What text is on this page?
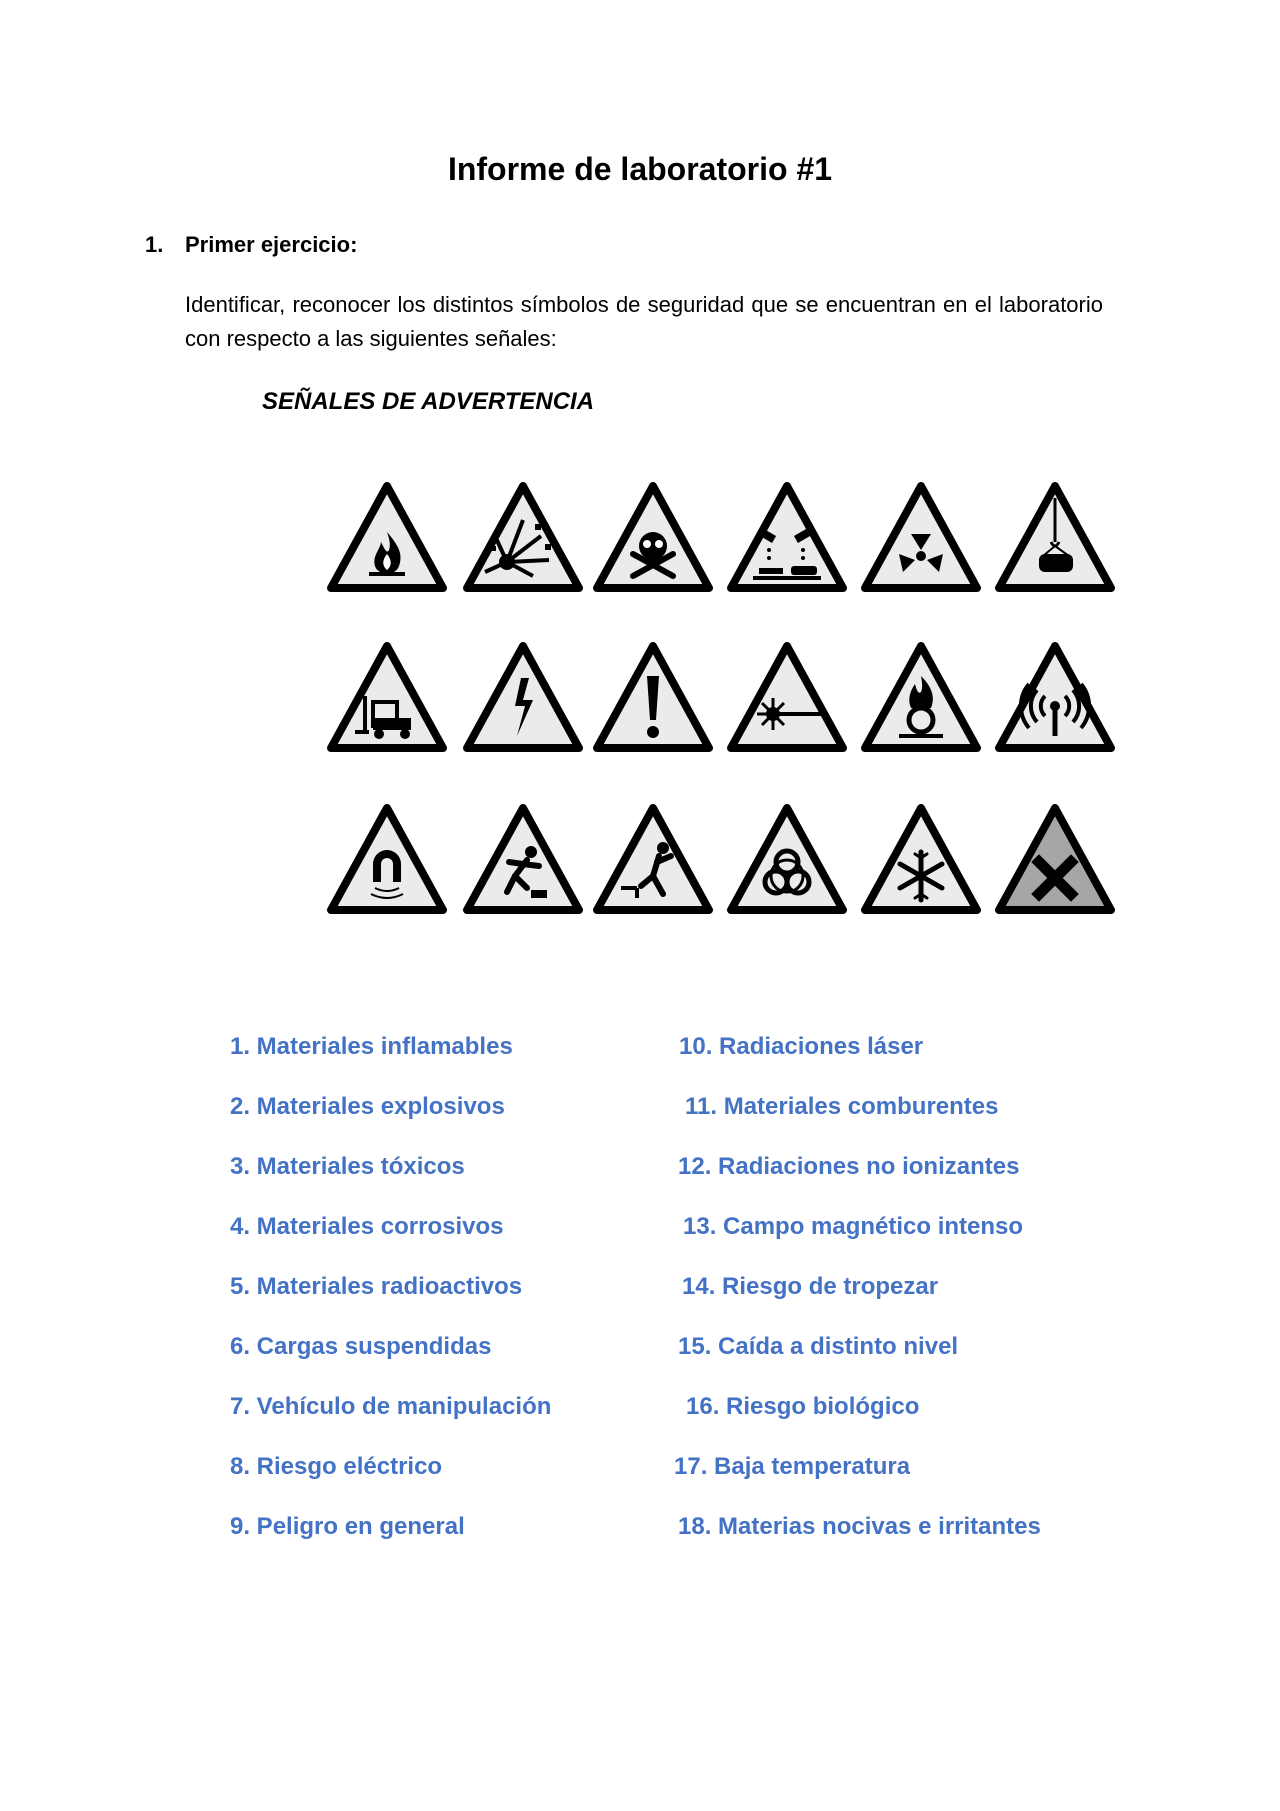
Informe de laboratorio #1
1. Primer ejercicio:

Identificar, reconocer los distintos símbolos de seguridad que se encuentran en el laboratorio con respecto a las siguientes señales:

SEÑALES DE ADVERTENCIA
1. Materiales inflamables
2. Materiales explosivos
3. Materiales tóxicos
4. Materiales corrosivos
5. Materiales radioactivos
6. Cargas suspendidas
7. Vehículo de manipulación
8. Riesgo eléctrico
9. Peligro en general
10. Radiaciones láser
11. Materiales comburentes
12. Radiaciones no ionizantes
13. Campo magnético intenso
14. Riesgo de tropezar
15. Caída a distinto nivel
16. Riesgo biológico
17. Baja temperatura
18. Materias nocivas e irritantes
